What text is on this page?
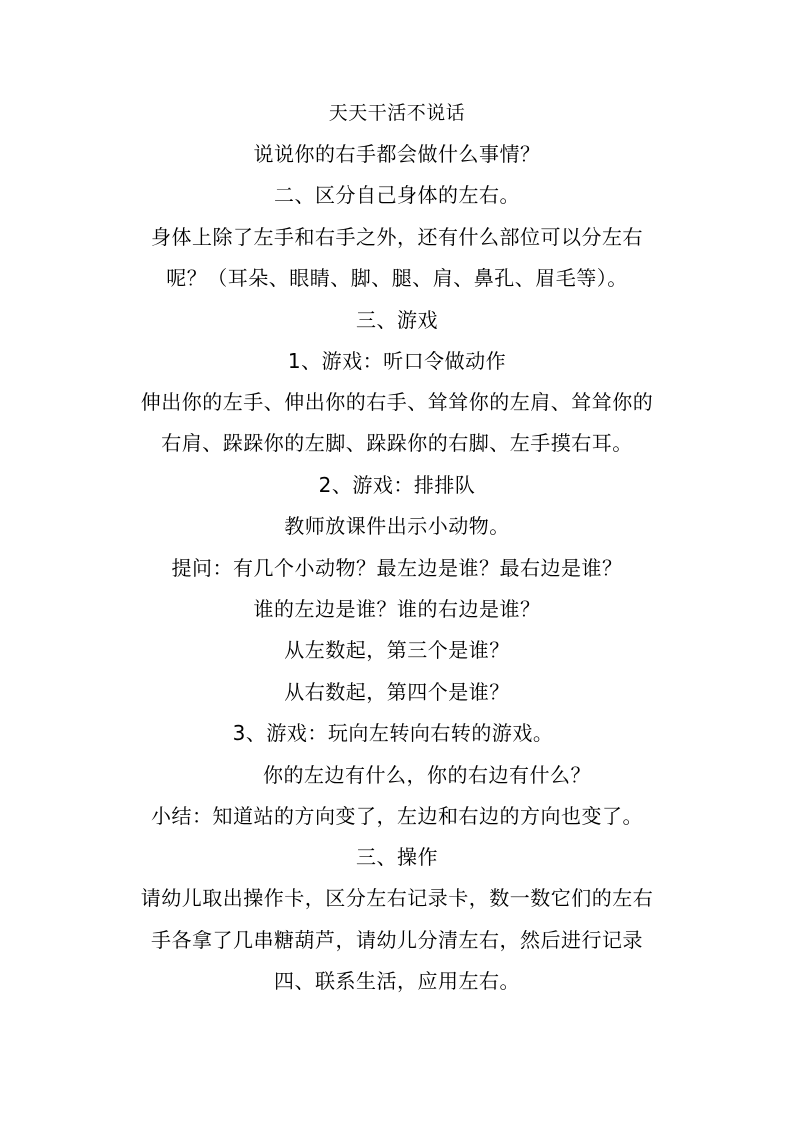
天天干活不说话
说说你的右手都会做什么事情？
二、区分自己身体的左右。
身体上除了左手和右手之外，还有什么部位可以分左右
呢？（耳朵、眼睛、脚、腿、肩、鼻孔、眉毛等）。
三、游戏
1、游戏：听口令做动作
伸出你的左手、伸出你的右手、耸耸你的左肩、耸耸你的
右肩、跺跺你的左脚、跺跺你的右脚、左手摸右耳。
2、游戏：排排队
教师放课件出示小动物。
提问：有几个小动物？最左边是谁？最右边是谁？
谁的左边是谁？谁的右边是谁？
从左数起，第三个是谁？
从右数起，第四个是谁？
3、游戏：玩向左转向右转的游戏。
你的左边有什么，你的右边有什么？
小结：知道站的方向变了，左边和右边的方向也变了。
三、操作
请幼儿取出操作卡，区分左右记录卡，数一数它们的左右
手各拿了几串糖葫芦，请幼儿分清左右，然后进行记录
四、联系生活，应用左右。
